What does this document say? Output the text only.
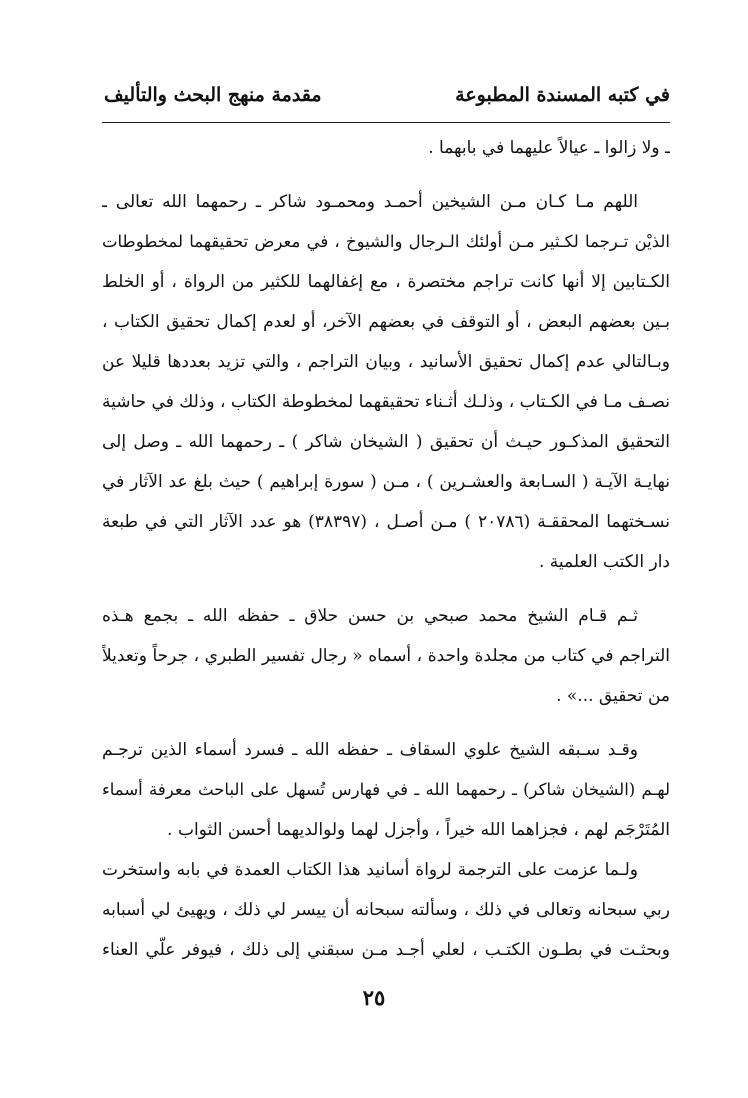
في كتبه المسندة المطبوعة
مقدمة منهج البحث والتأليف
ـ ولا زالوا ـ عيالاً عليهما في بابهما .
اللهم مـا كـان مـن الشيخين أحمـد ومحمـود شاكر ـ رحمهما الله تعالى ـ
الذيْن تـرجما لكـثير مـن أولئك الـرجال والشيوخ ، في معرض تحقيقهما لمخطوطات
الكـتابين إلا أنها كانت تراجم مختصرة ، مع إغفالهما للكثير من الرواة ، أو الخلط
بـين بعضهم البعض ، أو التوقف في بعضهم الآخر، أو لعدم إكمال تحقيق الكتاب ،
وبـالتالي عدم إكمال تحقيق الأسانيد ، وبيان التراجم ، والتي تزيد بعددها قليلا عن
نصـف مـا في الكـتاب ، وذلـك أثـناء تحقيقهما لمخطوطة الكتاب ، وذلك في حاشية
التحقيق المذكـور حيـث أن تحقيق ( الشيخان شاكر ) ـ رحمهما الله ـ وصل إلى
نهايـة الآيـة ( السـابعة والعشـرين ) ، مـن ( سورة إبراهيم ) حيث بلغ عد الآثار في
نسـختهما المحققـة (٢٠٧٨٦ ) مـن أصـل ، (٣٨٣٩٧) هو عدد الآثار التي في طبعة
دار الكتب العلمية .
ثـم قـام الشيخ محمد صبحي بن حسن حلاق ـ حفظه الله ـ بجمع هـذه
التراجم في كتاب من مجلدة واحدة ، أسماه « رجال تفسير الطبري ، جرحاً وتعديلاً
من تحقيق ...» .
وقـد سـبقه الشيخ علوي السقاف ـ حفظه الله ـ فسرد أسماء الذين ترجـم
لهـم (الشيخان شاكر) ـ رحمهما الله ـ في فهارس تُسهل على الباحث معرفة أسماء
المُتَرْجَم لهم ، فجزاهما الله خيراً ، وأجزل لهما ولوالديهما أحسن الثواب .
ولـما عزمت على الترجمة لرواة أسانيد هذا الكتاب العمدة في بابه واستخرت
ربي سبحانه وتعالى في ذلك ، وسألته سبحانه أن ييسر لي ذلك ، ويهيئ لي أسبابه
وبحثـت في بطـون الكتـب ، لعلي أجـد مـن سبقني إلى ذلك ، فيوفر علّي العناء
٢٥
